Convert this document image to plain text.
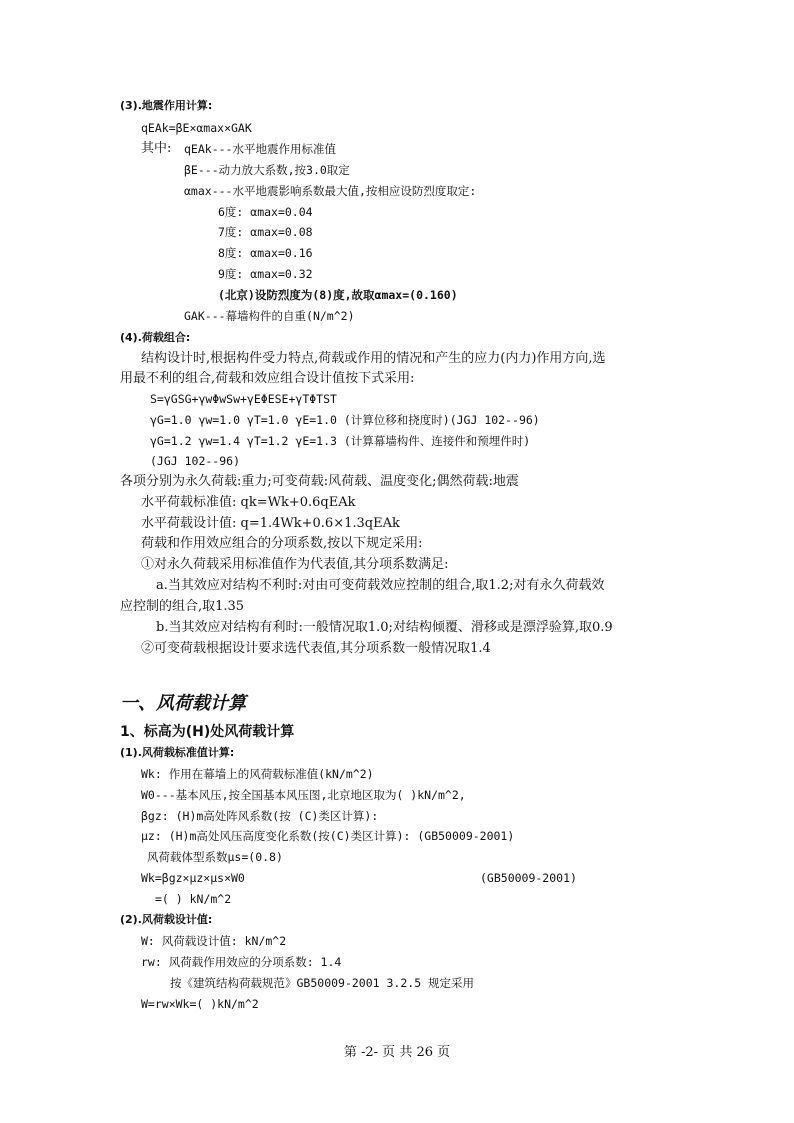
(3).地震作用计算:
qEAk=βE×αmax×GAK
其中: qEAk---水平地震作用标准值
βE---动力放大系数,按3.0取定
αmax---水平地震影响系数最大值,按相应设防烈度取定:
6度: αmax=0.04
7度: αmax=0.08
8度: αmax=0.16
9度: αmax=0.32
(北京)设防烈度为(8)度,故取αmax=(0.160)
GAK---幕墙构件的自重(N/m^2)
(4).荷载组合:
结构设计时,根据构件受力特点,荷载或作用的情况和产生的应力(内力)作用方向,选
用最不利的组合,荷载和效应组合设计值按下式采用:
S=γGSG+γwΦwSw+γEΦESE+γTΦTST
γG=1.0 γw=1.0 γT=1.0 γE=1.0 (计算位移和挠度时)(JGJ 102--96)
γG=1.2 γw=1.4 γT=1.2 γE=1.3 (计算幕墙构件、连接件和预埋件时)
(JGJ 102--96)
各项分别为永久荷载:重力;可变荷载:风荷载、温度变化;偶然荷载:地震
水平荷载标准值: qk=Wk+0.6qEAk
水平荷载设计值: q=1.4Wk+0.6×1.3qEAk
荷载和作用效应组合的分项系数,按以下规定采用:
①对永久荷载采用标准值作为代表值,其分项系数满足:
a.当其效应对结构不利时:对由可变荷载效应控制的组合,取1.2;对有永久荷载效
应控制的组合,取1.35
b.当其效应对结构有利时:一般情况取1.0;对结构倾覆、滑移或是漂浮验算,取0.9
②可变荷载根据设计要求选代表值,其分项系数一般情况取1.4
一、风荷载计算
1、标高为(H)处风荷载计算
(1).风荷载标准值计算:
Wk: 作用在幕墙上的风荷载标准值(kN/m^2)
W0---基本风压,按全国基本风压图,北京地区取为( )kN/m^2,
βgz: (H)m高处阵风系数(按 (C)类区计算):
μz: (H)m高处风压高度变化系数(按(C)类区计算): (GB50009-2001)
风荷载体型系数μs=(0.8)
Wk=βgz×μz×μs×W0	(GB50009-2001)
=( ) kN/m^2
(2).风荷载设计值:
W: 风荷载设计值: kN/m^2
rw: 风荷载作用效应的分项系数: 1.4
按《建筑结构荷载规范》GB50009-2001 3.2.5 规定采用
W=rw×Wk=( )kN/m^2
第 -2- 页 共 26 页
